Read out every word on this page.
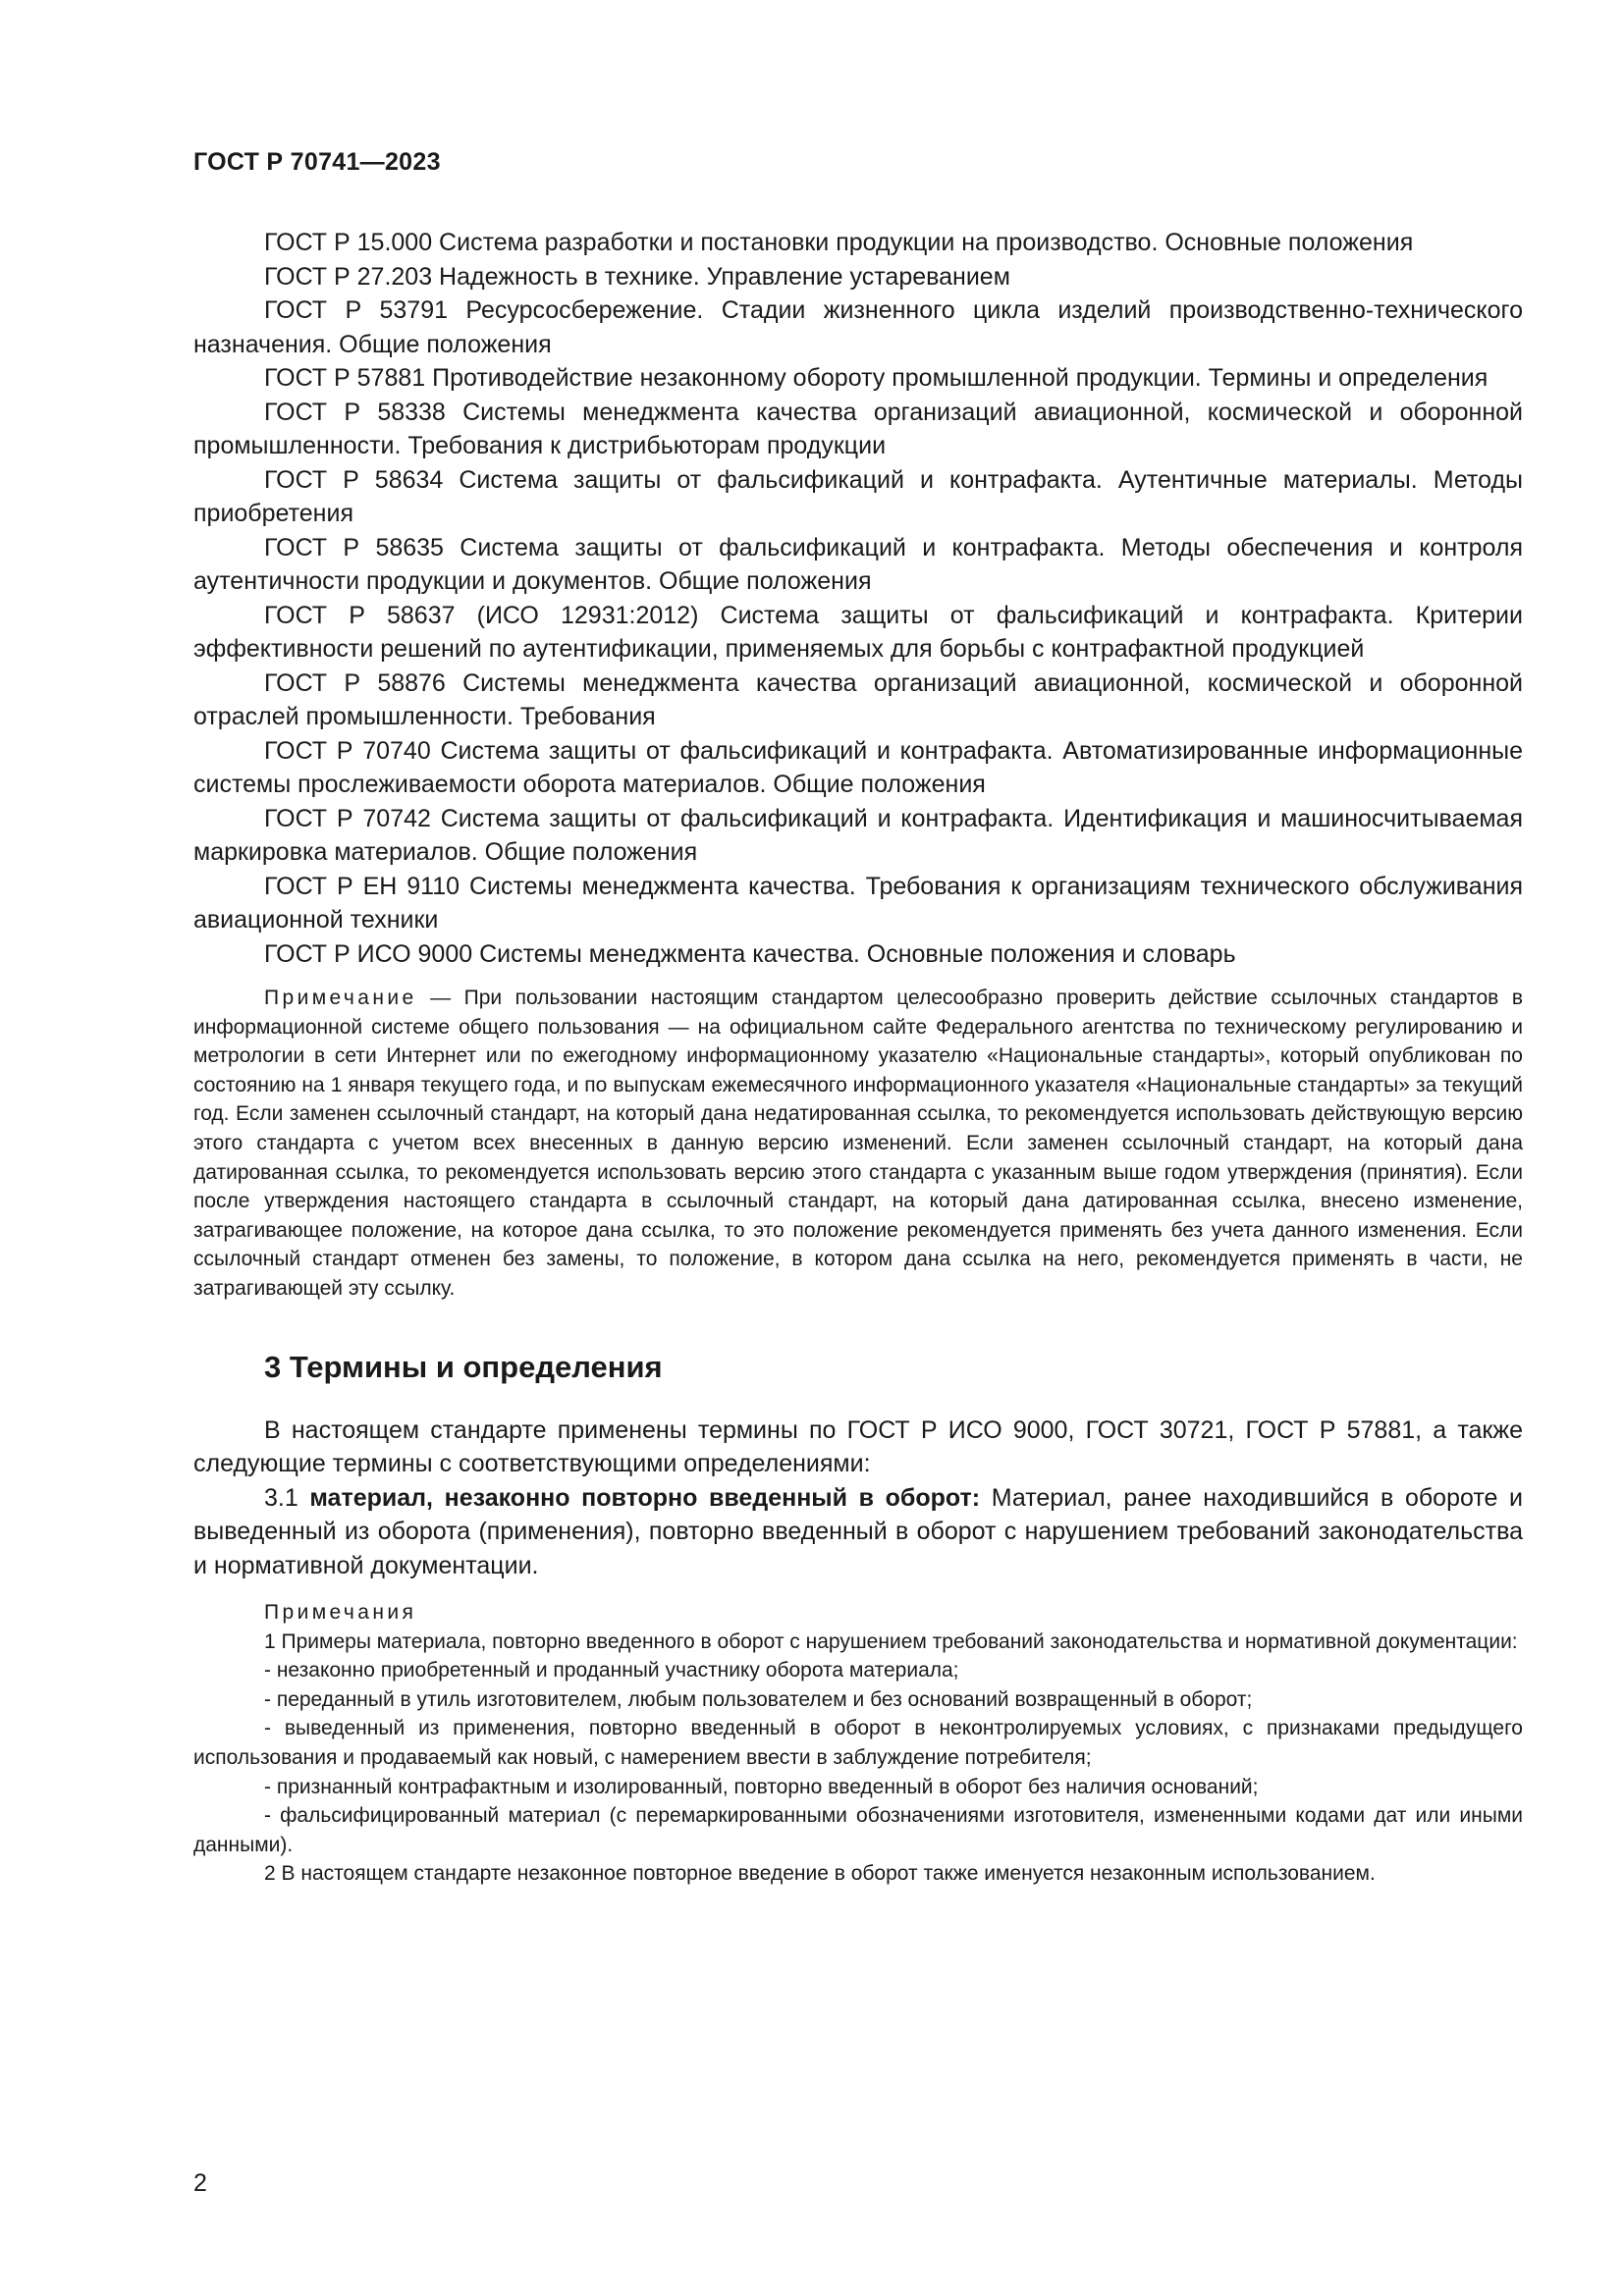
ГОСТ Р 70741—2023

ГОСТ Р 15.000 Система разработки и постановки продукции на производство. Основные положения

ГОСТ Р 27.203 Надежность в технике. Управление устареванием

ГОСТ Р 53791 Ресурсосбережение. Стадии жизненного цикла изделий производственно-технического назначения. Общие положения

ГОСТ Р 57881 Противодействие незаконному обороту промышленной продукции. Термины и определения

ГОСТ Р 58338 Системы менеджмента качества организаций авиационной, космической и оборонной промышленности. Требования к дистрибьюторам продукции

ГОСТ Р 58634 Система защиты от фальсификаций и контрафакта. Аутентичные материалы. Методы приобретения

ГОСТ Р 58635 Система защиты от фальсификаций и контрафакта. Методы обеспечения и контроля аутентичности продукции и документов. Общие положения

ГОСТ Р 58637 (ИСО 12931:2012) Система защиты от фальсификаций и контрафакта. Критерии эффективности решений по аутентификации, применяемых для борьбы с контрафактной продукцией

ГОСТ Р 58876 Системы менеджмента качества организаций авиационной, космической и оборонной отраслей промышленности. Требования

ГОСТ Р 70740 Система защиты от фальсификаций и контрафакта. Автоматизированные информационные системы прослеживаемости оборота материалов. Общие положения

ГОСТ Р 70742 Система защиты от фальсификаций и контрафакта. Идентификация и машиносчитываемая маркировка материалов. Общие положения

ГОСТ Р ЕН 9110 Системы менеджмента качества. Требования к организациям технического обслуживания авиационной техники

ГОСТ Р ИСО 9000 Системы менеджмента качества. Основные положения и словарь

Примечание — При пользовании настоящим стандартом целесообразно проверить действие ссылочных стандартов в информационной системе общего пользования — на официальном сайте Федерального агентства по техническому регулированию и метрологии в сети Интернет или по ежегодному информационному указателю «Национальные стандарты», который опубликован по состоянию на 1 января текущего года, и по выпускам ежемесячного информационного указателя «Национальные стандарты» за текущий год. Если заменен ссылочный стандарт, на который дана недатированная ссылка, то рекомендуется использовать действующую версию этого стандарта с учетом всех внесенных в данную версию изменений. Если заменен ссылочный стандарт, на который дана датированная ссылка, то рекомендуется использовать версию этого стандарта с указанным выше годом утверждения (принятия). Если после утверждения настоящего стандарта в ссылочный стандарт, на который дана датированная ссылка, внесено изменение, затрагивающее положение, на которое дана ссылка, то это положение рекомендуется применять без учета данного изменения. Если ссылочный стандарт отменен без замены, то положение, в котором дана ссылка на него, рекомендуется применять в части, не затрагивающей эту ссылку.

3 Термины и определения

В настоящем стандарте применены термины по ГОСТ Р ИСО 9000, ГОСТ 30721, ГОСТ Р 57881, а также следующие термины с соответствующими определениями:

3.1 материал, незаконно повторно введенный в оборот: Материал, ранее находившийся в обороте и выведенный из оборота (применения), повторно введенный в оборот с нарушением требований законодательства и нормативной документации.

Примечания

1 Примеры материала, повторно введенного в оборот с нарушением требований законодательства и нормативной документации:

- незаконно приобретенный и проданный участнику оборота материала;

- переданный в утиль изготовителем, любым пользователем и без оснований возвращенный в оборот;

- выведенный из применения, повторно введенный в оборот в неконтролируемых условиях, с признаками предыдущего использования и продаваемый как новый, с намерением ввести в заблуждение потребителя;

- признанный контрафактным и изолированный, повторно введенный в оборот без наличия оснований;

- фальсифицированный материал (с перемаркированными обозначениями изготовителя, измененными кодами дат или иными данными).

2 В настоящем стандарте незаконное повторное введение в оборот также именуется незаконным использованием.

2
